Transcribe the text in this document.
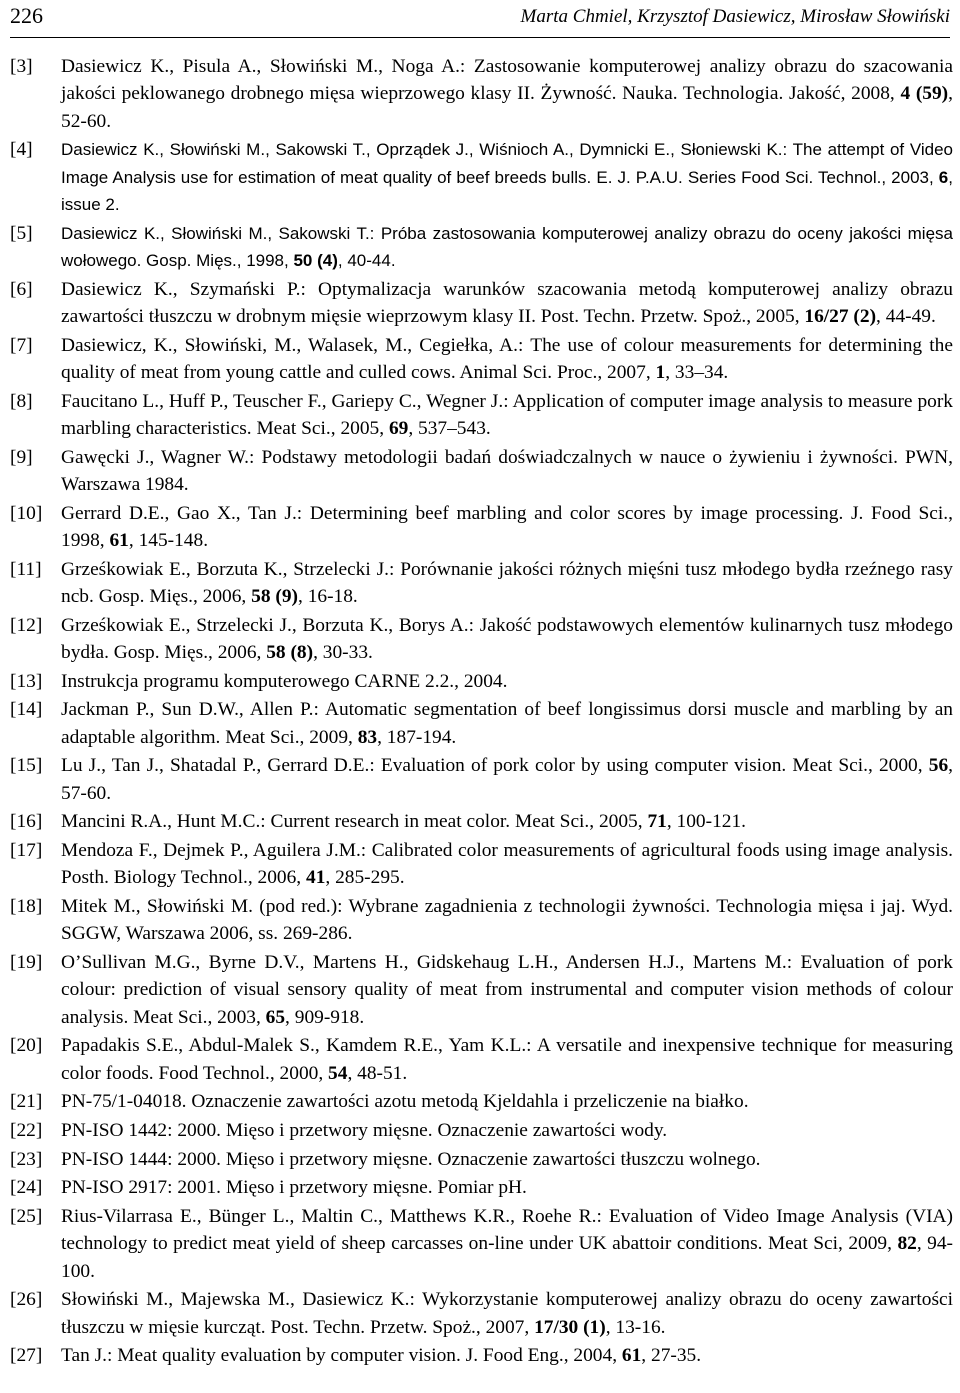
226	Marta Chmiel, Krzysztof Dasiewicz, Mirosław Słowiński
[3] Dasiewicz K., Pisula A., Słowiński M., Noga A.: Zastosowanie komputerowej analizy obrazu do szacowania jakości peklowanego drobnego mięsa wieprzowego klasy II. Żywność. Nauka. Technologia. Jakość, 2008, 4 (59), 52-60.
[4] Dasiewicz K., Słowiński M., Sakowski T., Oprządek J., Wiśnioch A., Dymnicki E., Słoniewski K.: The attempt of Video Image Analysis use for estimation of meat quality of beef breeds bulls. E. J. P.A.U. Series Food Sci. Technol., 2003, 6, issue 2.
[5] Dasiewicz K., Słowiński M., Sakowski T.: Próba zastosowania komputerowej analizy obrazu do oceny jakości mięsa wołowego. Gosp. Mięs., 1998, 50 (4), 40-44.
[6] Dasiewicz K., Szymański P.: Optymalizacja warunków szacowania metodą komputerowej analizy obrazu zawartości tłuszczu w drobnym mięsie wieprzowym klasy II. Post. Techn. Przetw. Spoż., 2005, 16/27 (2), 44-49.
[7] Dasiewicz, K., Słowiński, M., Walasek, M., Cegiełka, A.: The use of colour measurements for determining the quality of meat from young cattle and culled cows. Animal Sci. Proc., 2007, 1, 33–34.
[8] Faucitano L., Huff P., Teuscher F., Gariepy C., Wegner J.: Application of computer image analysis to measure pork marbling characteristics. Meat Sci., 2005, 69, 537–543.
[9] Gawęcki J., Wagner W.: Podstawy metodologii badań doświadczalnych w nauce o żywieniu i żywności. PWN, Warszawa 1984.
[10] Gerrard D.E., Gao X., Tan J.: Determining beef marbling and color scores by image processing. J. Food Sci., 1998, 61, 145-148.
[11] Grześkowiak E., Borzuta K., Strzelecki J.: Porównanie jakości różnych mięśni tusz młodego bydła rzeźnego rasy ncb. Gosp. Mięs., 2006, 58 (9), 16-18.
[12] Grześkowiak E., Strzelecki J., Borzuta K., Borys A.: Jakość podstawowych elementów kulinarnych tusz młodego bydła. Gosp. Mięs., 2006, 58 (8), 30-33.
[13] Instrukcja programu komputerowego CARNE 2.2., 2004.
[14] Jackman P., Sun D.W., Allen P.: Automatic segmentation of beef longissimus dorsi muscle and marbling by an adaptable algorithm. Meat Sci., 2009, 83, 187-194.
[15] Lu J., Tan J., Shatadal P., Gerrard D.E.: Evaluation of pork color by using computer vision. Meat Sci., 2000, 56, 57-60.
[16] Mancini R.A., Hunt M.C.: Current research in meat color. Meat Sci., 2005, 71, 100-121.
[17] Mendoza F., Dejmek P., Aguilera J.M.: Calibrated color measurements of agricultural foods using image analysis. Posth. Biology Technol., 2006, 41, 285-295.
[18] Mitek M., Słowiński M. (pod red.): Wybrane zagadnienia z technologii żywności. Technologia mięsa i jaj. Wyd. SGGW, Warszawa 2006, ss. 269-286.
[19] O’Sullivan M.G., Byrne D.V., Martens H., Gidskehaug L.H., Andersen H.J., Martens M.: Evaluation of pork colour: prediction of visual sensory quality of meat from instrumental and computer vision methods of colour analysis. Meat Sci., 2003, 65, 909-918.
[20] Papadakis S.E., Abdul-Malek S., Kamdem R.E., Yam K.L.: A versatile and inexpensive technique for measuring color foods. Food Technol., 2000, 54, 48-51.
[21] PN-75/1-04018. Oznaczenie zawartości azotu metodą Kjeldahla i przeliczenie na białko.
[22] PN-ISO 1442: 2000. Mięso i przetwory mięsne. Oznaczenie zawartości wody.
[23] PN-ISO 1444: 2000. Mięso i przetwory mięsne. Oznaczenie zawartości tłuszczu wolnego.
[24] PN-ISO 2917: 2001. Mięso i przetwory mięsne. Pomiar pH.
[25] Rius-Vilarrasa E., Bünger L., Maltin C., Matthews K.R., Roehe R.: Evaluation of Video Image Analysis (VIA) technology to predict meat yield of sheep carcasses on-line under UK abattoir conditions. Meat Sci, 2009, 82, 94-100.
[26] Słowiński M., Majewska M., Dasiewicz K.: Wykorzystanie komputerowej analizy obrazu do oceny zawartości tłuszczu w mięsie kurcząt. Post. Techn. Przetw. Spoż., 2007, 17/30 (1), 13-16.
[27] Tan J.: Meat quality evaluation by computer vision. J. Food Eng., 2004, 61, 27-35.
